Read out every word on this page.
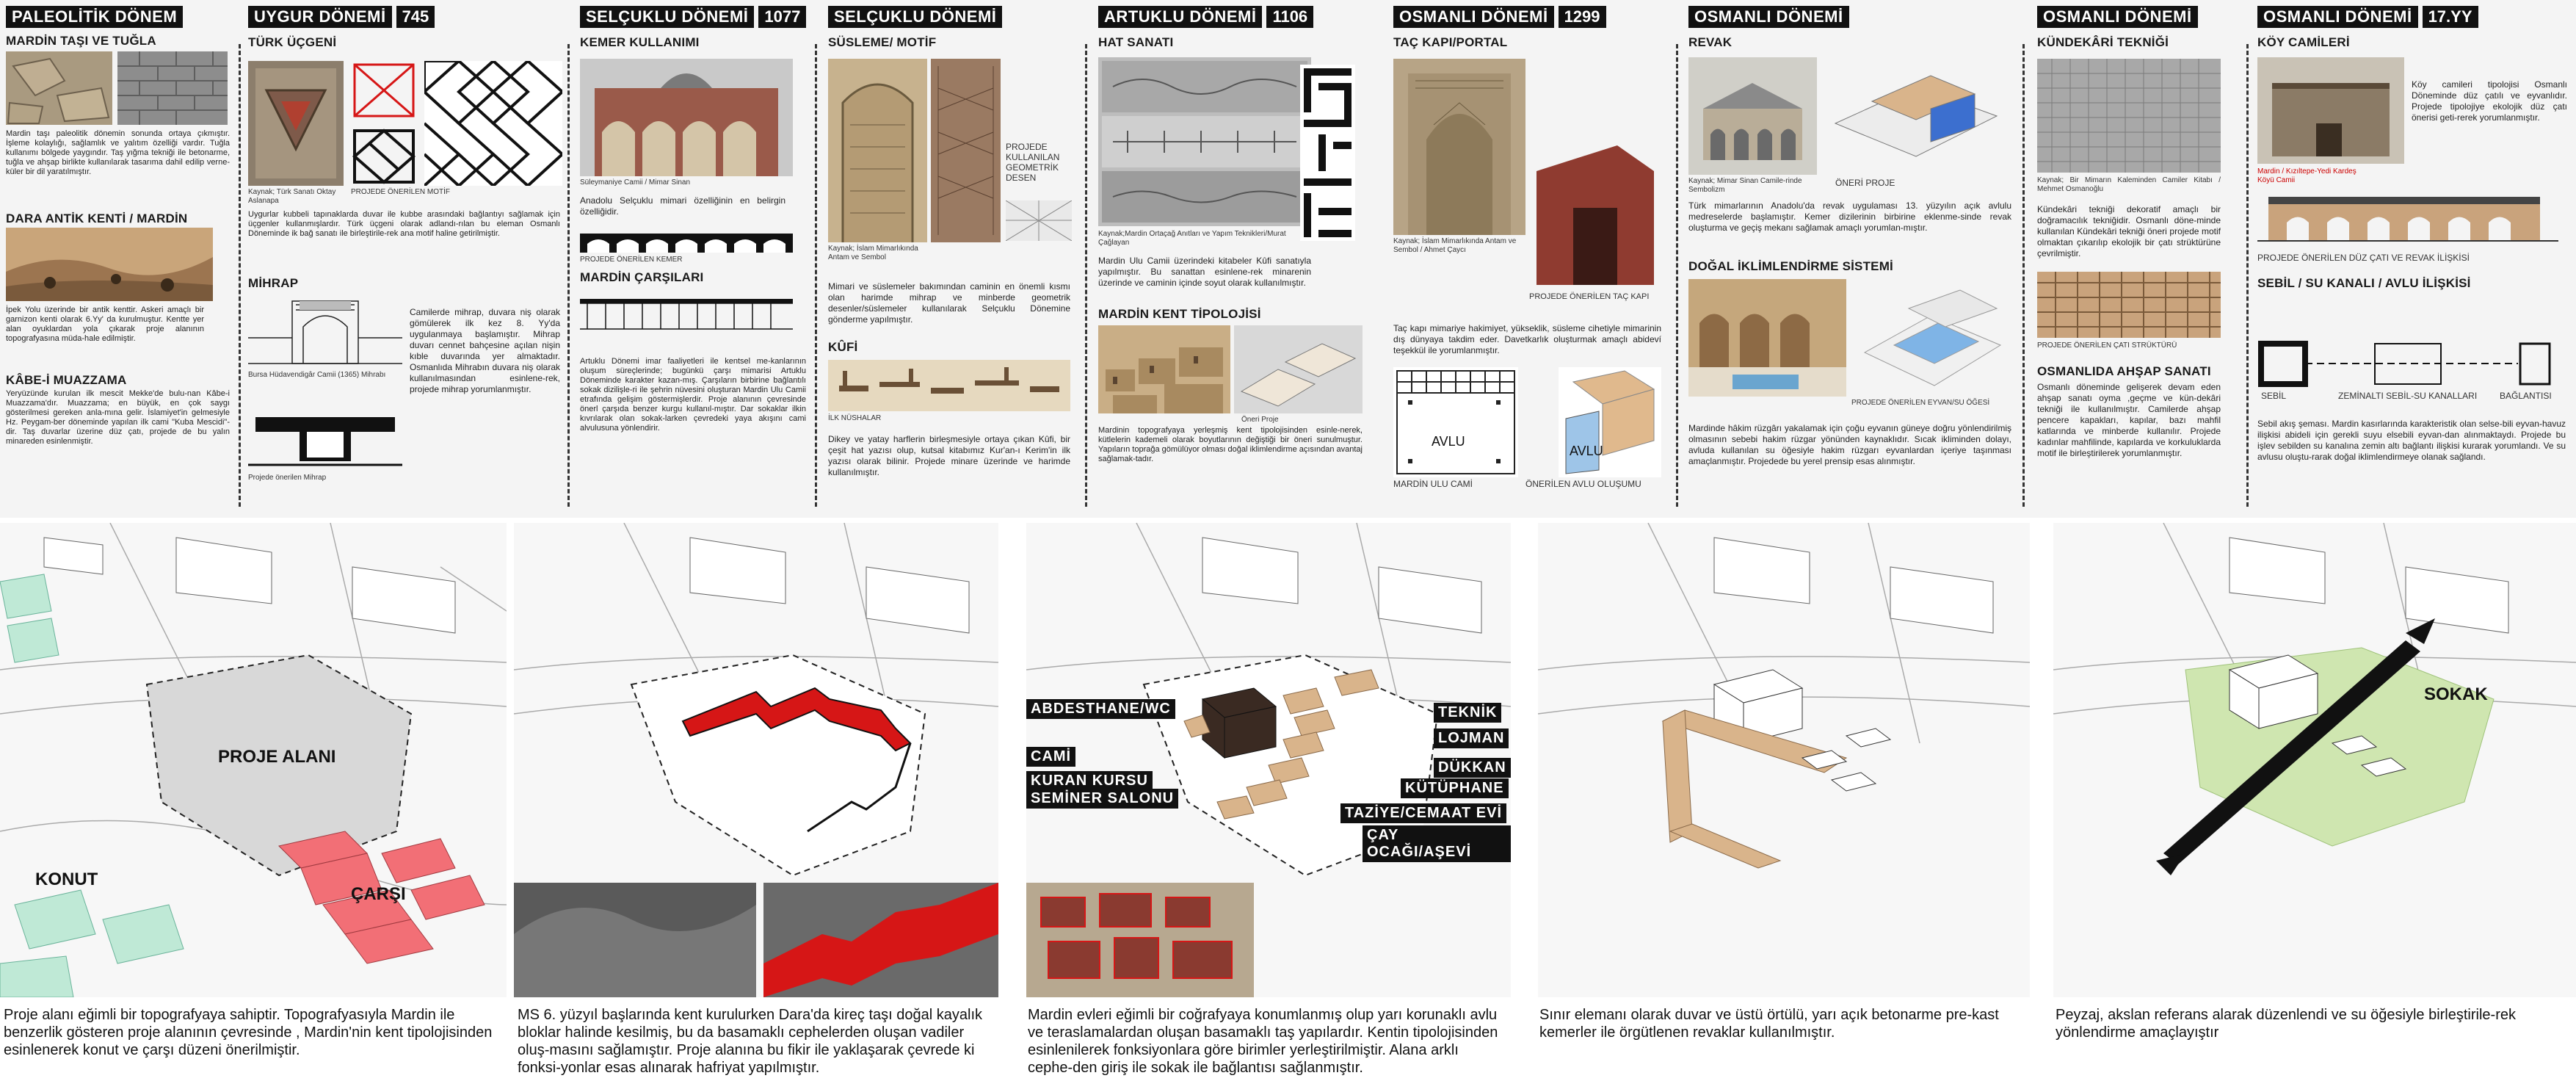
PALEOLİTİK DÖNEM
MARDİN TAŞI VE TUĞLA
Mardin taşı paleolitik dönemin sonunda ortaya çıkmıştır. İşleme kolaylığı, sağlamlık ve yalıtım özelliği vardır. Tuğla kullanımı bölgede yaygındır. Taş yığma tekniği ile betonarme, tuğla ve ahşap birlikte kullanılarak tasarıma dahil edilip verne-küler bir dil yaratılmıştır.
DARA ANTİK KENTİ / MARDİN
İpek Yolu üzerinde bir antik kenttir. Askeri amaçlı bir garnizon kenti olarak 6.Yy' da kurulmuştur. Kentte yer alan oyuklardan yola çıkarak proje alanının topografyasına müda-hale edilmiştir.
KÂBE-İ MUAZZAMA
Yeryüzünde kurulan ilk mescit Mekke'de bulu-nan Kâbe-i Muazzama'dır. Muazzama; en büyük, en çok saygı gösterilmesi gereken anla-mına gelir. İslamiyet'in gelmesiyle Hz. Peygam-ber döneminde yapılan ilk cami "Kuba Mescidi"-dir. Taş duvarlar üzerine düz çatı, projede de bu yalın minareden esinlenmiştir.
UYGUR DÖNEMİ 745
TÜRK ÜÇGENİ
Kaynak; Türk Sanatı Oktay Aslanapa
PROJEDE ÖNERİLEN MOTİF
Uygurlar kubbeli tapınaklarda duvar ile kubbe arasındaki bağlantıyı sağlamak için üçgenler kullanmışlardır. Türk üçgeni olarak adlandı-rılan bu eleman Osmanlı Döneminde ik bağ sanatı ile birleştirile-rek ana motif haline getirilmiştir.
MİHRAP
Bursa Hüdavendigâr Camii (1365) Mihrabı
Projede önerilen Mihrap
Camilerde mihrap, duvara niş olarak gömülerek ilk kez 8. Yy'da uygulanmaya başlamıştır. Mihrap duvarı cennet bahçesine açılan nişin kıble duvarında yer almaktadır. Osmanlıda Mihrabın duvara niş olarak kullanılmasından esinlene-rek, projede mihrap yorumlanmıştır.
SELÇUKLU DÖNEMİ 1077
KEMER KULLANIMI
Süleymaniye Camii / Mimar Sinan
Anadolu Selçuklu mimari özelliğinin en belirgin özelliğidir.
PROJEDE ÖNERİLEN KEMER
MARDİN ÇARŞILARI
Artuklu Dönemi imar faaliyetleri ile kentsel me-kanlarının oluşum süreçlerinde; bugünkü çarşı mimarisi Artuklu Döneminde karakter kazan-mış. Çarşıların birbirine bağlantılı sokak dizilişle-ri ile şehrin nüvesini oluşturan Mardin Ulu Camii etrafında gelişim göstermişlerdir. Proje alanının çevresinde önerl çarşıda benzer kurgu kullanıl-mıştır. Dar sokaklar ilkin kıvrılarak olan sokak-larken çevredeki yaya akışını cami alvulusuna yönlendirir.
SELÇUKLU DÖNEMİ
SÜSLEME/ MOTİF
Kaynak; İslam Mimarlıkında Antam ve Sembol
PROJEDE KULLANILAN GEOMETRİK DESEN
Mimari ve süslemeler bakımından caminin en önemli kısmı olan harimde mihrap ve minberde geometrik desenler/süslemeler kullanılarak Selçuklu Dönemine gönderme yapılmıştır.
KÛFİ
İLK NÜSHALAR
Dikey ve yatay harflerin birleşmesiyle ortaya çıkan Kûfi, bir çeşit hat yazısı olup, kutsal kitabımız Kur'an-ı Kerim'in ilk yazısı olarak bilinir. Projede minare üzerinde ve harimde kullanılmıştır.
ARTUKLU DÖNEMİ 1106
HAT SANATI
Kaynak;Mardin Ortaçağ Anıtları ve Yapım Teknikleri/Murat Çağlayan
Mardin Ulu Camii üzerindeki kitabeler Kûfi sanatıyla yapılmıştır. Bu sanattan esinlene-rek minarenin üzerinde ve caminin içinde soyut olarak kullanılmıştır.
MARDİN KENT TİPOLOJİSİ
Öneri Proje
Mardinin topografyaya yerleşmiş kent tipolojisinden esinle-nerek, kütlelerin kademeli olarak boyutlarının değiştiği bir öneri sunulmuştur. Yapıların toprağa gömülüyor olması doğal iklimlendirme açısından avantaj sağlamak-tadır.
OSMANLI DÖNEMİ 1299
TAÇ KAPI/PORTAL
Kaynak; İslam Mimarlıkında Antam ve Sembol / Ahmet Çaycı
PROJEDE ÖNERİLEN TAÇ KAPI
Taç kapı mimariye hakimiyet, yükseklik, süsleme cihetiyle mimarinin dış dünyaya takdim eder. Davetkarlık oluşturmak amaçlı abideví teşekkül ile yorumlanmıştır.
AVLU
MARDİN ULU CAMİ
AVLU
ÖNERİLEN AVLU OLUŞUMU
OSMANLI DÖNEMİ
REVAK
Kaynak; Mimar Sinan Camile-rinde Sembolizm
ÖNERİ PROJE
Türk mimarlarının Anadolu'da revak uygulaması 13. yüzyılın açık avlulu medreselerde başlamıştır. Kemer dizilerinin birbirine eklenme-sinde revak oluşturma ve geçiş mekanı sağlamak amaçlı yorumlan-mıştır.
DOĞAL İKLİMLENDİRME SİSTEMİ
PROJEDE ÖNERİLEN EYVAN/SU ÖĞESİ
Mardinde hâkim rüzgârı yakalamak için çoğu eyvanın güneye doğru yönlendirilmiş olmasının sebebi hakim rüzgar yönünden kaynaklıdır. Sıcak ikliminden dolayı, avluda kullanılan su öğesiyle hakim rüzgarı eyvanlardan içeriye taşınması amaçlanmıştır. Projedede bu yerel prensip esas alınmıştır.
OSMANLI DÖNEMİ
KÜNDEKÂRİ TEKNİĞİ
Kaynak; Bir Mimarın Kaleminden Camiler Kitabı / Mehmet Osmanoğlu
Kündekâri tekniği dekoratif amaçlı bir doğramacılık tekniğidir. Osmanlı döne-minde kullanılan Kündekâri tekniği öneri projede motif olmaktan çıkarılıp ekolojik bir çatı strüktürüne çevrilmiştir.
PROJEDE ÖNERİLEN ÇATI STRÜKTÜRÜ
OSMANLIDA AHŞAP SANATI
Osmanlı döneminde gelişerek devam eden ahşap sanatı oyma ,geçme ve kün-dekâri tekniği ile kullanılmıştır. Camilerde ahşap pencere kapakları, kapılar, bazı mahfil katlarında ve minberde kullanılır. Projede kadınlar mahfilinde, kapılarda ve korkuluklarda motif ile birleştirilerek yorumlanmıştır.
OSMANLI DÖNEMİ 17.YY
KÖY CAMİLERİ
Köy camileri tipolojisi Osmanlı Döneminde düz çatılı ve eyvanlıdır. Projede tipolojiye ekolojik düz çatı önerisi geti-rerek yorumlanmıştır.
Mardin / Kızıltepe-Yedi Kardeş Köyü Camii
PROJEDE ÖNERİLEN DÜZ ÇATI VE REVAK İLİŞKİSİ
SEBİL / SU KANALI / AVLU İLİŞKİSİ
SEBİL	ZEMİNALTI SEBİL-SU KANALLARI	BAĞLANTISI
Sebil akış şeması. Mardin kasırlarında karakteristik olan selse-bili eyvan-havuz ilişkisi abideli için gerekli suyu elsebili eyvan-dan alınmaktaydı. Projede bu işlev sebilden su kanalına zemin altı bağlantı ilişkisi kurarak yorumlandı. Ve su avlusu oluştu-rarak doğal iklimlendirmeye olanak sağlandı.
PROJE ALANI
KONUT
ÇARŞI
Proje alanı eğimli bir topografyaya sahiptir. Topografyasıyla Mardin ile benzerlik gösteren proje alanının çevresinde , Mardin'nin kent tipolojisinden esinlenerek konut ve çarşı düzeni önerilmiştir.
MS 6. yüzyıl başlarında kent kurulurken Dara'da kireç taşı doğal kayalık bloklar halinde kesilmiş, bu da basamaklı cephelerden oluşan vadiler oluş-masını sağlamıştır. Proje alanına bu fikir ile yaklaşarak çevrede ki fonksi-yonlar esas alınarak hafriyat yapılmıştır.
ABDESTHANE/WC
CAMİ
KURAN KURSU
SEMİNER SALONU
TEKNİK
LOJMAN
DÜKKAN
KÜTÜPHANE
TAZİYE/CEMAAT EVİ
ÇAY OCAĞI/AŞEVİ
Mardin evleri eğimli bir coğrafyaya konumlanmış olup yarı korunaklı avlu ve teraslamalardan oluşan basamaklı taş yapılardır. Kentin tipolojisinden esinlenilerek fonksiyonlara göre birimler yerleştirilmiştir. Alana arklı cephe-den giriş ile sokak ile bağlantısı sağlanmıştır.
Sınır elemanı olarak duvar ve üstü örtülü, yarı açık betonarme pre-kast kemerler ile örgütlenen revaklar kullanılmıştır.
SOKAK
Peyzaj, akslan referans alarak düzenlendi ve su öğesiyle birleştirile-rek yönlendirme amaçlayıştır
